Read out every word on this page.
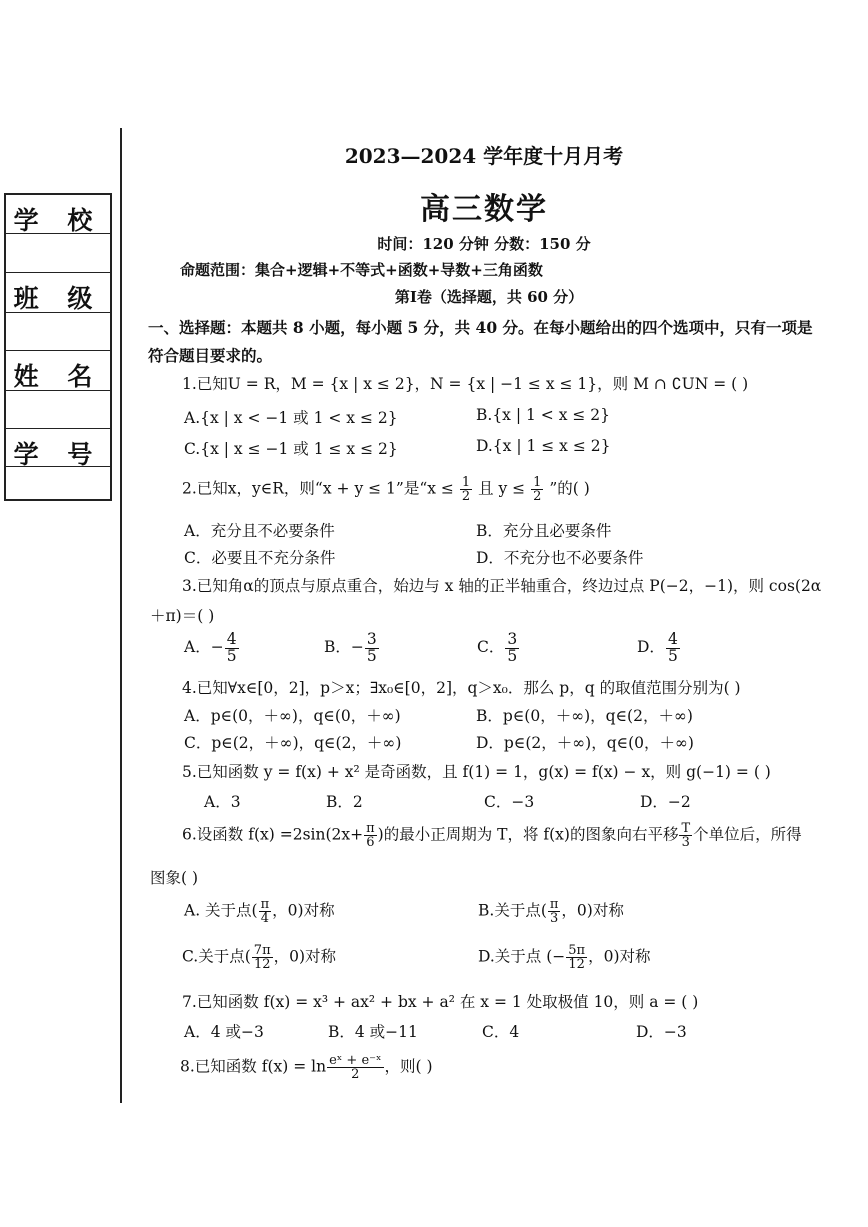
学 校
班 级
姓 名
学 号
2023—2024 学年度十月月考
高三数学
时间：120 分钟 分数：150 分
命题范围：集合+逻辑+不等式+函数+导数+三角函数
第Ⅰ卷（选择题，共 60 分）
一、选择题：本题共 8 小题，每小题 5 分，共 40 分。在每小题给出的四个选项中，只有一项是符合题目要求的。
1.已知U = R，M = {x | x ≤ 2}，N = {x | −1 ≤ x ≤ 1}，则 M ∩ ∁UN = ( )
A.{x | x < −1 或 1 < x ≤ 2}	B.{x | 1 < x ≤ 2}
C.{x | x ≤ −1 或 1 ≤ x ≤ 2}	D.{x | 1 ≤ x ≤ 2}
2.已知x，y∈R，则“x + y ≤ 1”是“$x \le \frac{1}{2}$ 且 $y \le \frac{1}{2}$ ”的( )
A．充分且不必要条件	B．充分且必要条件
C．必要且不充分条件	D．不充分也不必要条件
3.已知角α的顶点与原点重合，始边与 x 轴的正半轴重合，终边过点 P(−2，−1)，则 cos(2α
＋π)＝( )
A．− $\frac{4}{5}$	B．− $\frac{3}{5}$	C． $\frac{3}{5}$	D． $\frac{4}{5}$
4.已知∀x∈[0，2]，p＞x；∃x₀∈[0，2]，q＞x₀．那么 p，q 的取值范围分别为( )
A．p∈(0，＋∞)，q∈(0，＋∞)	B．p∈(0，＋∞)，q∈(2，＋∞)
C．p∈(2，＋∞)，q∈(2，＋∞)	D．p∈(2，＋∞)，q∈(0，＋∞)
5.已知函数 y = f(x) + x² 是奇函数，且 f(1) = 1，g(x) = f(x) − x，则 g(−1) = ( )
A．3	B．2	C．−3	D．−2
6.设函数 $f(x) =2\sin(2x+ \frac{\pi}{6}$ )的最小正周期为 T，将 f(x)的图象向右平移 $\frac{T}{3}$ 个单位后，所得
图象( )
A. 关于点( $\frac{\pi}{4}$ ，0)对称	B.关于点( $\frac{\pi}{3}$ ，0)对称
C.关于点( $\frac{7\pi}{12}$ ，0)对称	D.关于点 (− $\frac{5\pi}{12}$ ，0)对称
7.已知函数 f(x) = x³ + ax² + bx + a² 在 x = 1 处取极值 10，则 a = ( )
A．4 或−3	B．4 或−11	C．4	D．−3
8.已知函数 $f(x) = \ln \frac{\text{eˣ + e⁻ˣ}}{2}$ ，则( )
